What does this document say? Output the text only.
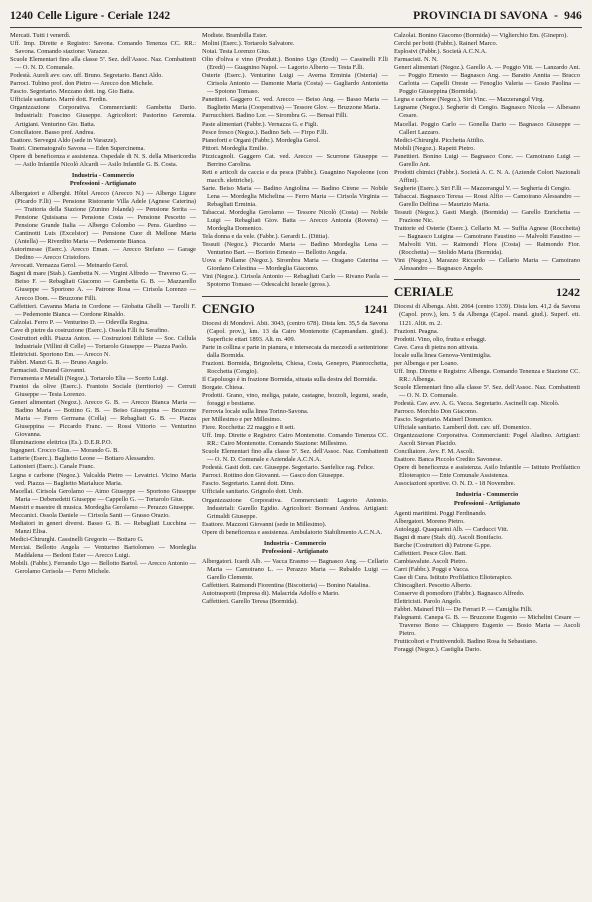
1240 Celle Ligure - Ceriale 1242	PROVINCIA DI SAVONA - 946

Mercati. Tutti i venerdì.

Uff. Imp. Dirette e Registro: Savona. Comando Tenenza CC. RR.: Savona. Comando stazione: Varazze.

Scuole Elementari fino alla classe 5ª. Sez. dell'Assoc. Naz. Combattenti — O. N. D. Comunale.

Podestà. Aureli avv. cav. uff. Bruno. Segretario. Banci Aldo.

Parroci. Tubino prof. don Pietro — Arecco don Michele.

Fascio. Segretario. Mezzano dott. ing. Gio Batta.

Ufficiale sanitario. Marrè dott. Ferdin.

Organizzazione Corporativa. Commercianti: Gambetta Dario. Industriali: Frascino Giuseppe. Agricoltori: Pastorino Geremia. Artigiani. Venturino Gio. Batta.

Conciliatore. Basso prof. Andrea.

Esattore. Servegni Aldo (sede in Varazze).

Teatri. Cinematografo Savona — Eden Supercinema.

Opere di beneficenza e assistenza. Ospedale di N. S. della Misericordia — Asilo Infantile Nicolò Alcardi — Asilo Infantile G. B. Costa.

Industria - Commercio
Professioni - Artigianato

Albergatori e Alberghi. Hôtel Arecco (Arecco N.) — Albergo Ligure (Picardo F.lli) — Pensione Ristorante Villa Adele (Agnese Caterina) — Trattoria della Stazione (Zunino Jolanda) — Pensione Sorita — Pensione Quisisana — Pensione Costa — Pensione Pescetto — Pensione Grande Italia — Albergo Colombo — Pens. Giardino — Cantinotti Luis (Excelsior) — Pensione Cuor di Mellone Maria (Antella) — Riverdito Maria — Pedemonte Bianca.

Autorimesse (Eserc.). Arecco Eman. — Arecco Stefano — Garage Dedino — Arecco Cristoforo.

Avvocati. Vernazza Gerol. — Meinardo Gerol.

Bagni di mare (Stab.). Gambetta N. — Virgini Alfredo — Traverso G. — Beiso F. — Rebagliati Giacomo — Gambetta G. B. — Mazzarello Giuseppe — Sportono A. — Patrone Rosa — Cirisola Lorenzo — Arecco Dom. — Bruzzone Filli.

Caffettieri. Cavanna Maria in Cordone — Giobatta Ghelli — Tarolli F. — Pedemonte Bianca — Cordone Rinaldo.

Calzolai. Ferro P. — Venturino D. — Odevilla Regina.

Cave di pietre da costruzione (Eserc.). Ossola F.lli fu Serafino.

Costruttori edili. Piazza Anton. — Costruzioni Edilizie — Soc. Cellula Industriale (Villini di Celle) — Tortarolo Giuseppe — Piazza Paolo.

Elettricisti. Sportono Em. — Arecco N.

Fabbri. Manzi G. B. — Bruno Angelo.

Farmacisti. Durand Giovanni.

Ferramenta e Metalli (Negoz.). Tortarolo Elia — Scerto Luigi.

Frantoi da olive (Eserc.). Frantoio Sociale (territorio) — Cerruti Giuseppe — Testa Lorenzo.

Generi alimentari (Negoz.). Arecco G. B. — Arecco Bianca Maria — Badino Maria — Bottino G. B. — Beiso Giuseppina — Bruzzone Maria — Ferro Germana (Colla) — Rebagliati G. B. — Piazza Giuseppina — Piccardo Franc. — Rossi Vittorio — Venturino Giovanna.

Illuminazione elettrica (Es.). D.E.R.P.O.

Ingegneri. Crocco Gius. — Morando G. B.

Latterie (Eserc.). Baglietto Leone — Bottaro Alessandro.

Lattonieri (Eserc.). Canale Franc.

Legna e carbone (Negoz.). Valcalda Pietro — Levatrici. Vicino Maria ved. Piazza — Baglietto Marialuce Maria.

Macellai. Cirisola Gerolamo — Aimo Giuseppe — Sportono Giuseppe Maria — Debenedetti Giuseppe — Cappello G. — Tortarolo Gius.

Maestri e maestre di musica. Mordeglia Gerolamo — Perazzo Giuseppe.

Meccanici. Ossola Daniele — Cirisola Santi — Grasso Orazio.

Mediatori in generi diversi. Basso G. B. — Rebagliati Lucchina — Manzi Elisa.

Medici-Chirurghi. Cassinelli Gregorio — Bottaro G.

Merciai. Bellotto Angela — Venturino Bartolomeo — Mordeglia Maddalena — Bedoni Ester — Arecco Luigi.

Mobili. (Fabbr.). Ferrando Ugo — Bellotto Bartol. — Arecco Antonio — Gerolamo Cerisola — Ferro Michele.

Modiste. Brambilla Ester.

Molini (Eserc.). Tortarolo Salvatore.

Notai. Testa Lorenzo Gius.

Olio d'oliva e vino (Produtt.). Bonino Ugo (Eredi) — Cassinelli F.lli (Eredi) — Guagnino Napol. — Lagorio Alberto — Testa F.lli.

Osterie (Eserc.). Venturino Luigi — Averna Erminia (Osteria) — Cirisola Antonio — Damonte Maria (Costa) — Gagliardo Antonietta — Spotono Tomaso.

Panettieri. Gaggero C. ved. Arecco — Beiso Ang. — Basso Maria — Baglietto Maria (Cooperativa) — Tessore Glov. — Bruzzone Maria.

Parrucchieri. Badino Lor. — Sirombra G. — Bensai Filli.

Paste alimentari (Fabbr.). Vernazza G. e Figli.

Pesce fresco (Negoz.). Badino Seb. — Firpo F.lli.

Pianoforti e Organi (Fabbr.). Mordeglia Gerol.

Pittori. Mordeglia Emilio.

Pizzicagnoli. Gaggero Cat. ved. Arecco — Scurrone Giuseppe — Berrino Carolina.

Reti e articoli da caccia e da pesca (Fabbr.). Guagnino Napoleone (con macch. elettriche).

Sarte. Beiso Maria — Badino Angiolina — Badino Cirene — Nobile Lena — Mordeglia Michelina — Ferro Maria — Cirisola Virginia — Rebagliati Erminia.

Tabaccai. Mordeglia Gerolamo — Tessore Nicolò (Costa) — Nobile Luigi — Rebagliati Giov. Batta — Arecco Antonia (Rovera) — Mordeglia Domenico.

Tela donna e da vele. (Fabbr.). Gerardi L. (Dittia).

Tessuti (Negoz.). Piccardo Maria — Badino Mordeglia Lena — Venturino Bart. — Borioio Ernesto — Bellotto Angela.

Uova e Pollame (Negoz.). Sirombra Maria — Oragano Caterina — Giordano Celestina — Mordeglia Giacomo.

Vini (Negoz.). Cirisola Antonio — Rebagliati Carlo — Rivano Paola — Spotorno Tomaso — Odescalchi Israele (gross.).

CENGIO	1241

Diocesi di Mondovì. Abit. 3043, (centro 678). Dista km. 35,5 da Savona (Capol. prov.), km. 13 da Cairo Montenotte (Capmandam. giud.). Superficie ettari 1893. Alt. m. 409.

Parte in collina e parte in pianura, e intersecata da mezzodì a settentrione dalla Bormida.

Frazioni. Bormida, Brignoletta, Chiesa, Costa, Genepro, Pianrocchetta, Rocchetta (Cengio).

Il Capoluogo è in frazione Bormida, situata sulla destra del Bormida.

Borgate. Chiesa.

Prodotti. Grano, vino, meliga, patate, castagne, bozzoli, legumi, seade, foraggi e bestiame.

Ferrovia locale sulla linea Torino-Savona.

per Millesimo e per Millesimo.

Fiere. Rocchetta: 22 maggio e 8 sett.

Uff. Imp. Dirette e Registro: Cairo Montenotte. Comando Tenenza CC. RR.: Cairo Montenotte. Comando Stazione: Millesimo.

Scuole Elementari fino alla classe 5ª. Sez. dell'Assoc. Naz. Combattenti — O. N. D. Comunale e Aziendale A.C.N.A.

Podestà. Gasti dott. cav. Giuseppe. Segretario. Sanfelice rag. Felice.

Parroci. Rottino don Giovanni. — Gasco don Giuseppe.

Fascio. Segretario. Lanni dott. Dino.

Ufficiale sanitario. Grignolo dott. Umb.

Organizzazione Corporativa. Commercianti: Lagorio Antonio. Industriali: Garello Egidio. Agricoltori: Borreani Andrea. Artigiani: Grimaldi Giuseppe.

Esattore. Mazzoni Giovanni (sede in Millesimo).

Opere di beneficenza e assistenza. Ambulatorio Stabilimento A.C.N.A.

Industria - Commercio
Professioni - Artigianato

Albergatori. Icardi Alb. — Vacca Erasmo — Bagnasco Ang. — Cellario Maria — Camoirano L. — Perazzo Maria — Rubaldo Luigi — Garello Clemente.

Caffettieri. Raimondi Fiorentina (Biscotteria) — Bonino Natalina.

Autotrasporti (Impresa di). Malacrida Adolfo e Mario.

Caffettieri. Garello Teresa (Bormida).

Calzolai. Bonino Giacomo (Bormida) — Viglierchio Em. (Ginepro).

Cerchi per botti (Fabbr.). Rainerl Marco.

Esplosivi (Fabbr.). Società A.C.N.A.

Farmacisti. N. N.

Generi alimentari (Negoz.). Garello A. — Poggio Vitt. — Lanzardo Ant. — Poggio Ernesto — Bagnasco Ang. — Baratto Annita — Bracco Carlotta — Capelli Oreste — Fenoglio Valeria — Gosio Paolina — Poggio Giuseppina (Bormida).

Legna e carbone (Negoz.). Siri Vinc. — Mazzerangul Virg.

Legname (Negoz.). Segherie di Cengio. Bagnasco Nicola — Albesano Cesare.

Macellai. Poggio Carlo — Gonella Dario — Bagnasco Giuseppe — Calleri Lazzaro.

Medici-Chirurghi. Picchetta Attilio.

Mobili (Negoz.). Rapetti Pietro.

Panettieri. Bonino Luigi — Bagnasco Conc. — Camoirano Luigi — Garello Ant.

Prodotti chimici (Fabbr.). Società A. C. N. A. (Aziende Colori Nazionali Affini).

Segherie (Eserc.). Siri F.lli — Mazzerangul V. — Segheria di Cengio.

Tabaccai. Bagnasco Teresa — Rossi Alfio — Camoirano Alessandro — Garello Delfina — Maurizio Maria.

Tessuti (Negoz.). Gasti Margh. (Bormida) — Garello Enrichetta — Frazione Nic.

Trattorie ed Osterie (Eserc.). Cellario M. — Suffia Agnese (Rocchetta) — Bagnasco Luigina — Camoirano Faustino — Malvolti Faustino — Malvolti Vitt. — Raimondi Flora (Costa) — Raimondo Fior. (Rocchetta) — Stolido Maria (Bormida).

Vini (Negoz.). Marazzo Riccardo — Cellario Maria — Camoirano Alessandro — Bagnasco Angelo.

CERIALE	1242

Diocesi di Albenga. Abit. 2064 (centro 1339). Dista km. 41,2 da Savona (Capol. prov.), km. 5 da Albenga (Capol. mand. giud.). Superf. ett. 1121. Altit. m. 2.

Frazioni. Peagna.

Prodotti. Vino, olio, frutta e erbaggi.

Cave. Cava di pietra non attivata.

locale sulla linea Genova-Ventimiglia.

per Albenga e per Loano.

Uff. Imp. Dirette e Registro: Albenga. Comando Tenenza e Stazione CC. RR.: Albenga.

Scuole Elementari fino alla classe 5ª. Sez. dell'Assoc. Naz. Combattenti — O. N. D. Comunale.

Podestà. Cav. avv. A. G. Vacca. Segretario. Ascinelli cap. Nicolò.

Parroco. Morchio Don Giacomo.

Fascio. Segretario. Mainerl Domenico.

Ufficiale sanitario. Lambertl dott. cav. uff. Domenico.

Organizzazione Corporativa. Commercianti: Pogel Aladino. Artigiani: Ascoli Stevan Placido.

Conciliatore. Avv. F. M. Ascoli.

Esattore. Banca Piccolo Credito Savonese.

Opere di beneficenza e assistenza. Asilo Infantile — Istituto Profilattico Elioterapico — Ente Comunale Assistenza.

Associazioni sportive. O. N. D. - 18 Novembre.

Industria - Commercio
Professioni - Artigianato

Agenti marittimi. Poggi Ferdinando.

Albergatori. Moreno Pietro.

Autoleggi. Quaquarini Alb. — Carducci Vitt.

Bagni di mare (Stab. di). Ascoli Bonifacio.

Barche (Costruttori di) Patrone G.ppe.

Caffettieri. Pesce Glov. Batt.

Cambiavalute. Ascoli Pietro.

Carri (Fabbr.). Poggi e Vacca.

Case di Cura. Istituto Profilattico Elioterapico.

Chincaglieri. Pescetto Alberto.

Conserve di pomodoro (Fabbr.). Bagnasco Alfredo.

Elettricisti. Parolo Angelo.

Fabbri. Mainerl Fili — De Ferrari P. — Camiglia Filli.

Falegnami. Canepa G. B. — Bruzzone Eugenio — Michelini Cesare — Traverso Bono — Chiappero Eugenio — Bosio Maria — Ascoli Pietro.

Frutticoltori e Fruttivendoli. Badino Rosa fu Sebastiano.

Foraggi (Negoz.). Castiglia Dario.
